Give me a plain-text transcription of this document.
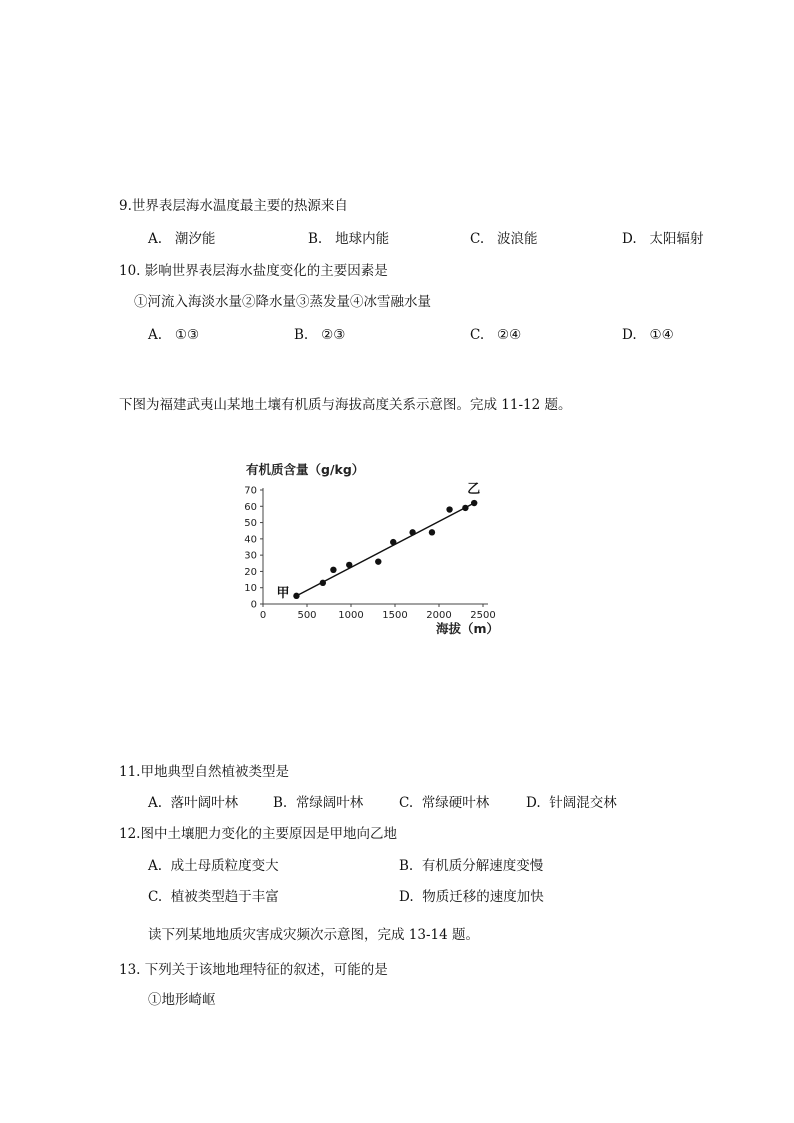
9.世界表层海水温度最主要的热源来自
A. 潮汐能	B. 地球内能	C. 波浪能	D. 太阳辐射
10. 影响世界表层海水盐度变化的主要因素是
①河流入海淡水量②降水量③蒸发量④冰雪融水量
A. ①③	B. ②③	C. ②④	D. ①④
下图为福建武夷山某地土壤有机质与海拔高度关系示意图。完成 11-12 题。
0
10
20
30
40
50
60
70
0	500 1000 1500 2000 2500
有机质含量（g/kg）
海拔（m）
甲
乙
11.甲地典型自然植被类型是
A. 落叶阔叶林	B. 常绿阔叶林	C. 常绿硬叶林	D. 针阔混交林
12.图中土壤肥力变化的主要原因是甲地向乙地
A. 成土母质粒度变大	B. 有机质分解速度变慢
C. 植被类型趋于丰富	D. 物质迁移的速度加快
读下列某地地质灾害成灾频次示意图，完成 13-14 题。
13. 下列关于该地地理特征的叙述，可能的是
①地形崎岖
